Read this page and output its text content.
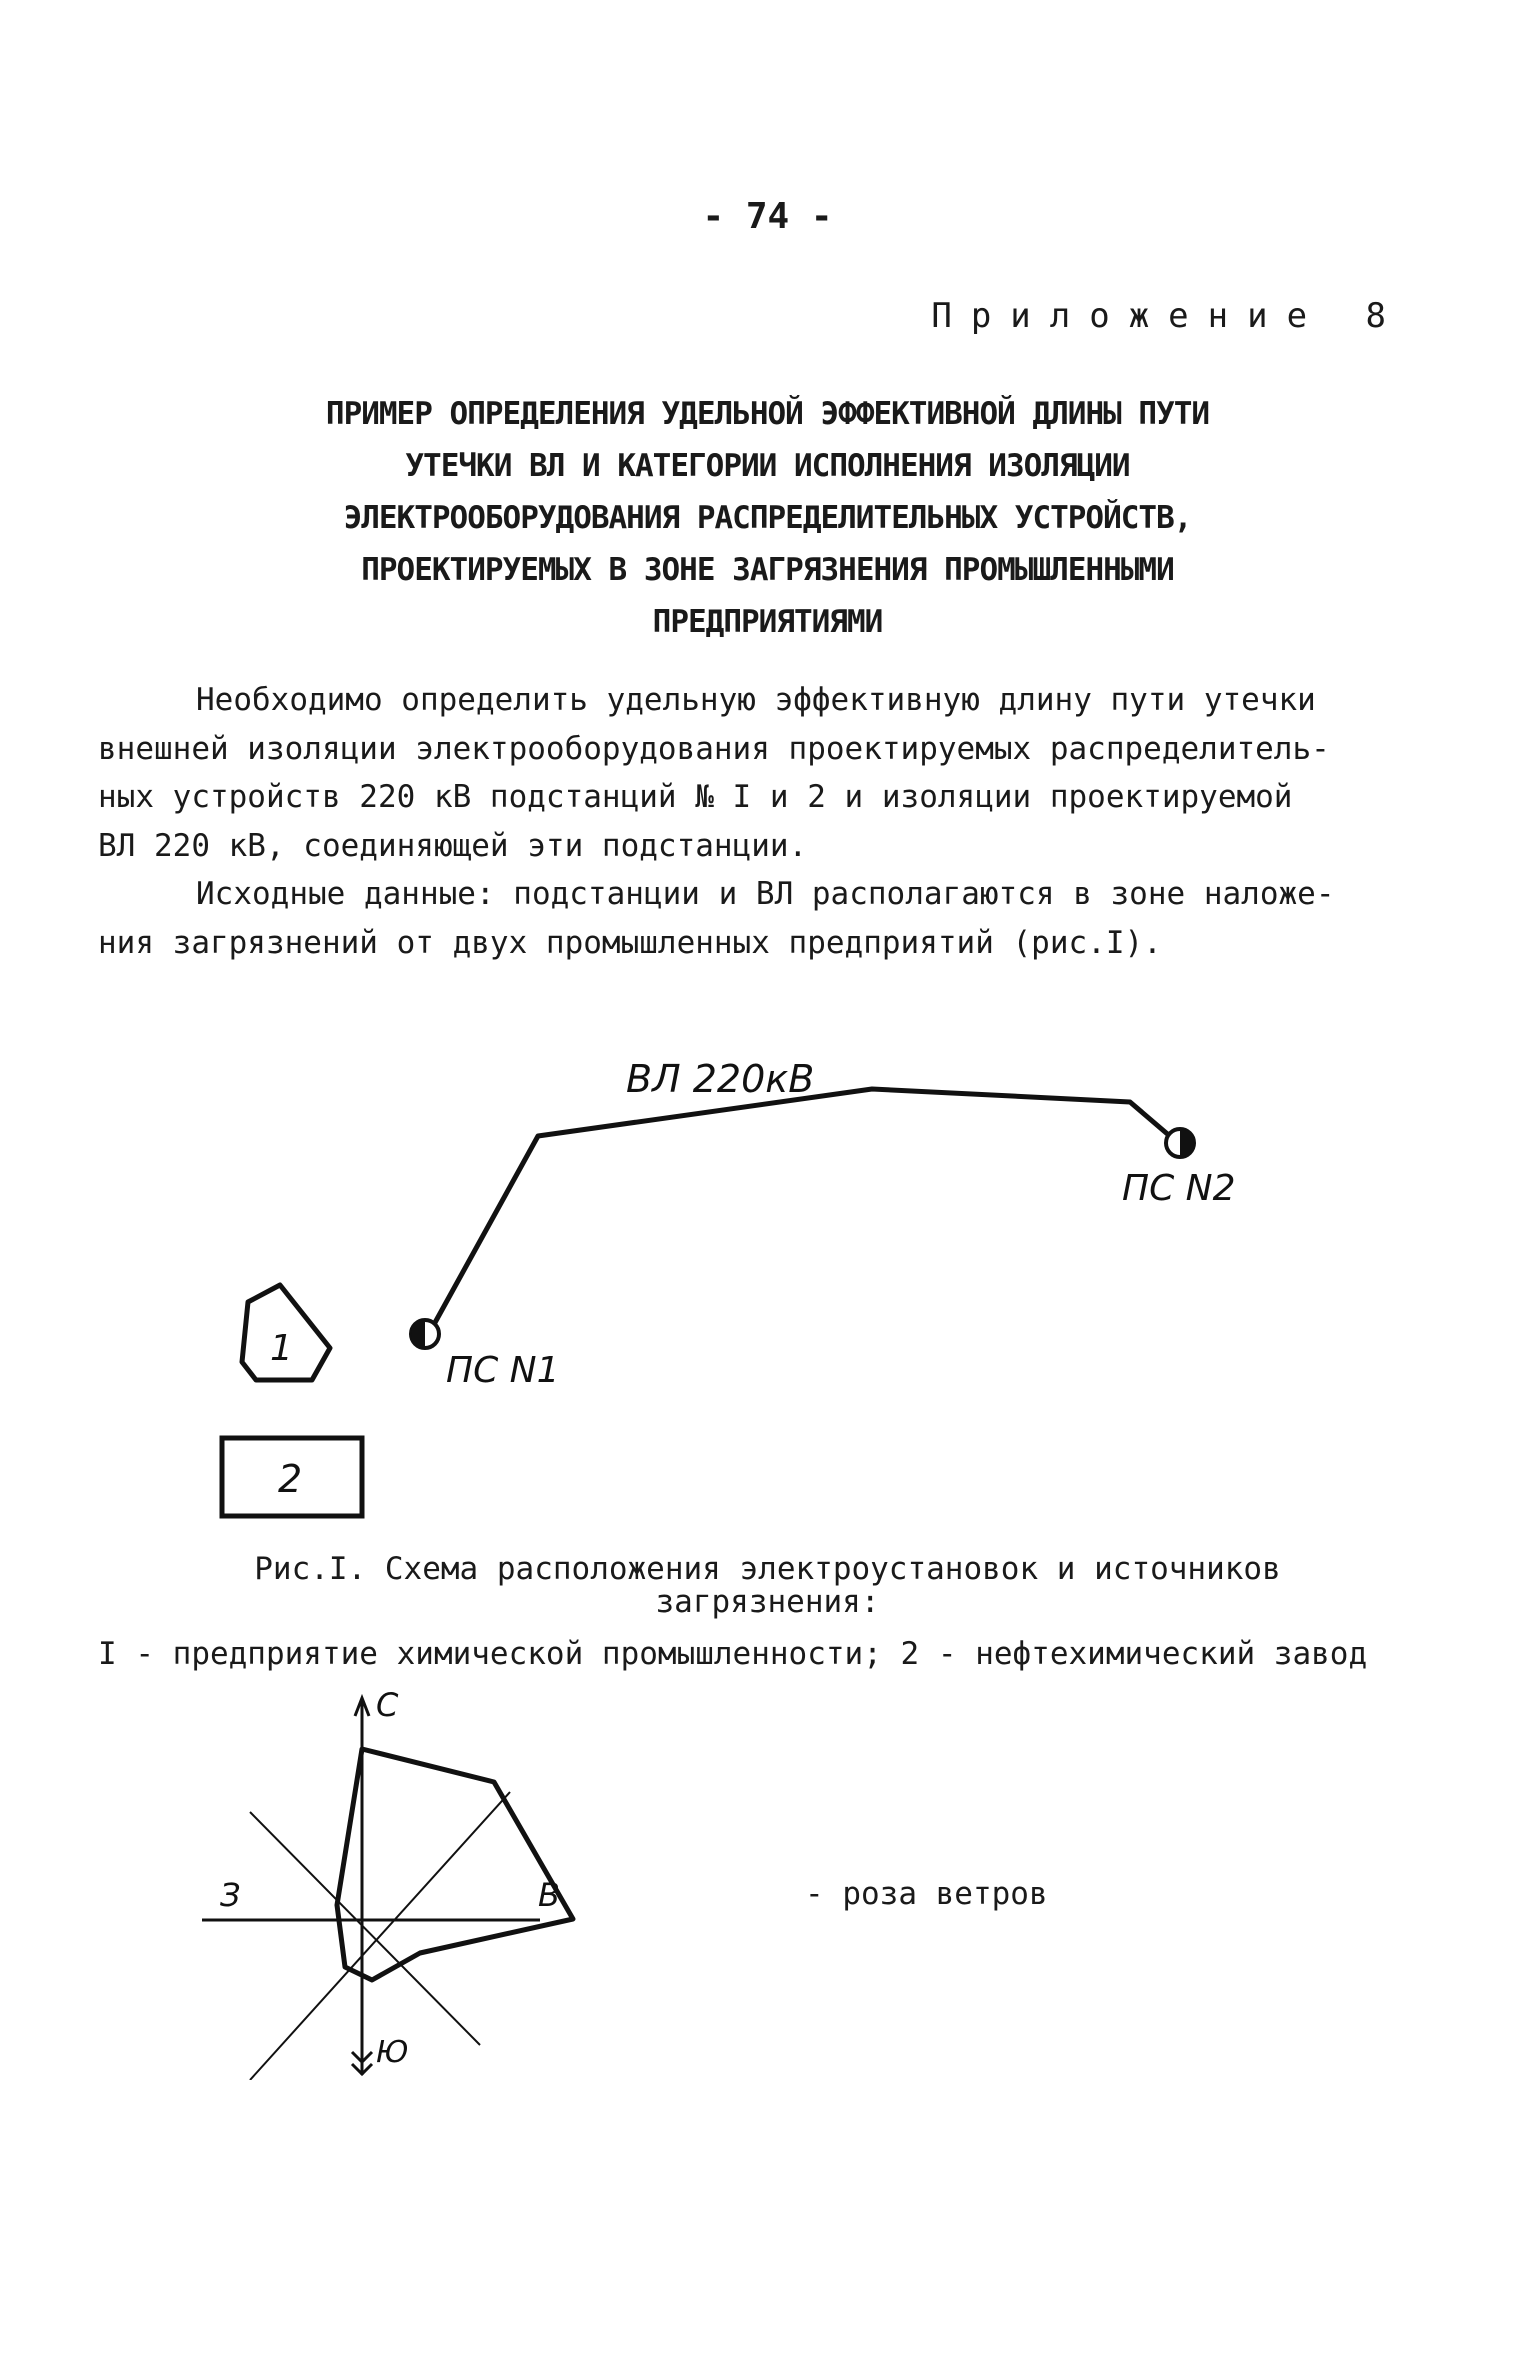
- 74 -
Приложение 8
ПРИМЕР ОПРЕДЕЛЕНИЯ УДЕЛЬНОЙ ЭФФЕКТИВНОЙ ДЛИНЫ ПУТИ
УТЕЧКИ ВЛ И КАТЕГОРИИ ИСПОЛНЕНИЯ ИЗОЛЯЦИИ
ЭЛЕКТРООБОРУДОВАНИЯ РАСПРЕДЕЛИТЕЛЬНЫХ УСТРОЙСТВ,
ПРОЕКТИРУЕМЫХ В ЗОНЕ ЗАГРЯЗНЕНИЯ ПРОМЫШЛЕННЫМИ
ПРЕДПРИЯТИЯМИ
Необходимо определить удельную эффективную длину пути утечки
внешней изоляции электрооборудования проектируемых распределитель-
ных устройств 220 кВ подстанций № I и 2 и изоляции проектируемой
ВЛ 220 кВ, соединяющей эти подстанции.
Исходные данные: подстанции и ВЛ располагаются в зоне наложе-
ния загрязнений от двух промышленных предприятий (рис.I).
ВЛ 220кВ
ПС N1
ПС N2
1
2
Рис.I. Схема расположения электроустановок и источников
загрязнения:
I - предприятие химической промышленности; 2 - нефтехимический завод
С
Ю
З	В	- роза ветров
